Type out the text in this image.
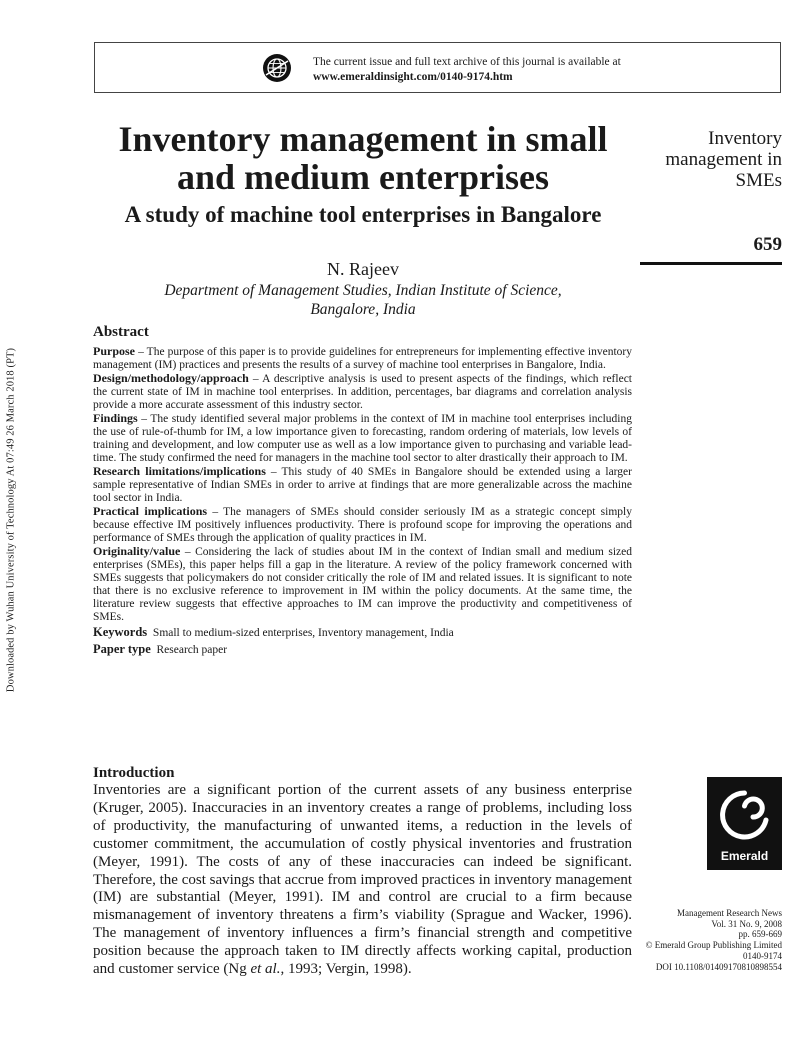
Downloaded by Wuhan University of Technology At 07:49 26 March 2018 (PT)
The current issue and full text archive of this journal is available at
www.emeraldinsight.com/0140-9174.htm
Inventory management in small and medium enterprises
A study of machine tool enterprises in Bangalore
N. Rajeev
Department of Management Studies, Indian Institute of Science, Bangalore, India
Inventory management in SMEs
659
Abstract

Purpose – The purpose of this paper is to provide guidelines for entrepreneurs for implementing effective inventory management (IM) practices and presents the results of a survey of machine tool enterprises in Bangalore, India.

Design/methodology/approach – A descriptive analysis is used to present aspects of the findings, which reflect the current state of IM in machine tool enterprises. In addition, percentages, bar diagrams and correlation analysis provide a more accurate assessment of this industry sector.

Findings – The study identified several major problems in the context of IM in machine tool enterprises including the use of rule-of-thumb for IM, a low importance given to forecasting, random ordering of materials, low levels of training and development, and low computer use as well as a low importance given to purchasing and variable lead-time. The study confirmed the need for managers in the machine tool sector to alter drastically their approach to IM.

Research limitations/implications – This study of 40 SMEs in Bangalore should be extended using a larger sample representative of Indian SMEs in order to arrive at findings that are more generalizable across the machine tool sector in India.

Practical implications – The managers of SMEs should consider seriously IM as a strategic concept simply because effective IM positively influences productivity. There is profound scope for improving the operations and performance of SMEs through the application of quality practices in IM.

Originality/value – Considering the lack of studies about IM in the context of Indian small and medium sized enterprises (SMEs), this paper helps fill a gap in the literature. A review of the policy framework concerned with SMEs suggests that policymakers do not consider critically the role of IM and related issues. It is significant to note that there is no exclusive reference to improvement in IM within the policy documents. At the same time, the literature review suggests that effective approaches to IM can improve the productivity and competitiveness of SMEs.

Keywords Small to medium-sized enterprises, Inventory management, India

Paper type Research paper

Introduction

Inventories are a significant portion of the current assets of any business enterprise (Kruger, 2005). Inaccuracies in an inventory creates a range of problems, including loss of productivity, the manufacturing of unwanted items, a reduction in the levels of customer commitment, the accumulation of costly physical inventories and frustration (Meyer, 1991). The costs of any of these inaccuracies can indeed be significant. Therefore, the cost savings that accrue from improved practices in inventory management (IM) are substantial (Meyer, 1991). IM and control are crucial to a firm because mismanagement of inventory threatens a firm’s viability (Sprague and Wacker, 1996). The management of inventory influences a firm’s financial strength and competitive position because the approach taken to IM directly affects working capital, production and customer service (Ng et al., 1993; Vergin, 1998).

Emerald
Management Research News
Vol. 31 No. 9, 2008
pp. 659-669
© Emerald Group Publishing Limited
0140-9174
DOI 10.1108/01409170810898554
